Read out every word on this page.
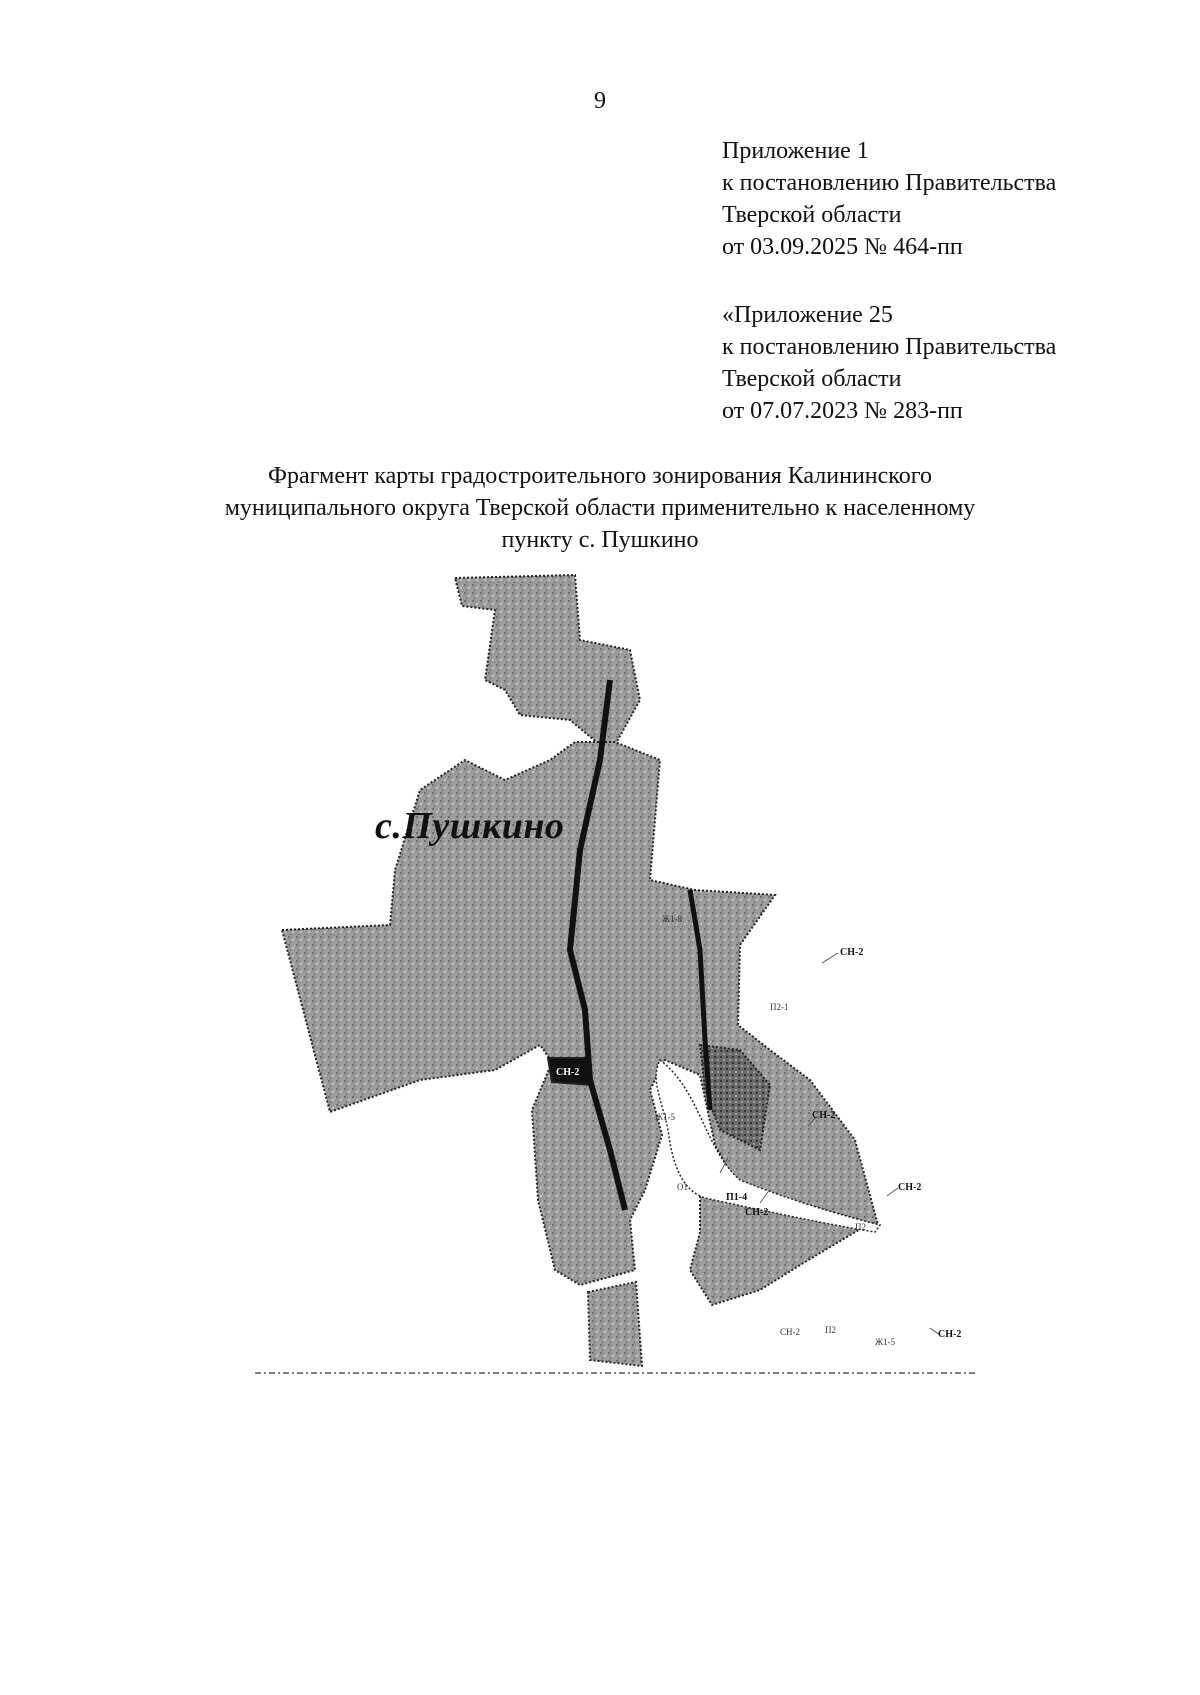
9
Приложение 1
к постановлению Правительства
Тверской области
от 03.09.2025 № 464-пп
«Приложение 25
к постановлению Правительства
Тверской области
от 07.07.2023 № 283-пп
Фрагмент карты градостроительного зонирования Калининского
муниципального округа Тверской области применительно к населенному
пункту с. Пушкино
СН-2
СН-2
СН-2
СН-2
СН-2
П1-4
СН-2
Ж1-8
П2-1
Ж1-5
О1
П2
П2
Ж1-5
СН-2
с.Пушкино
